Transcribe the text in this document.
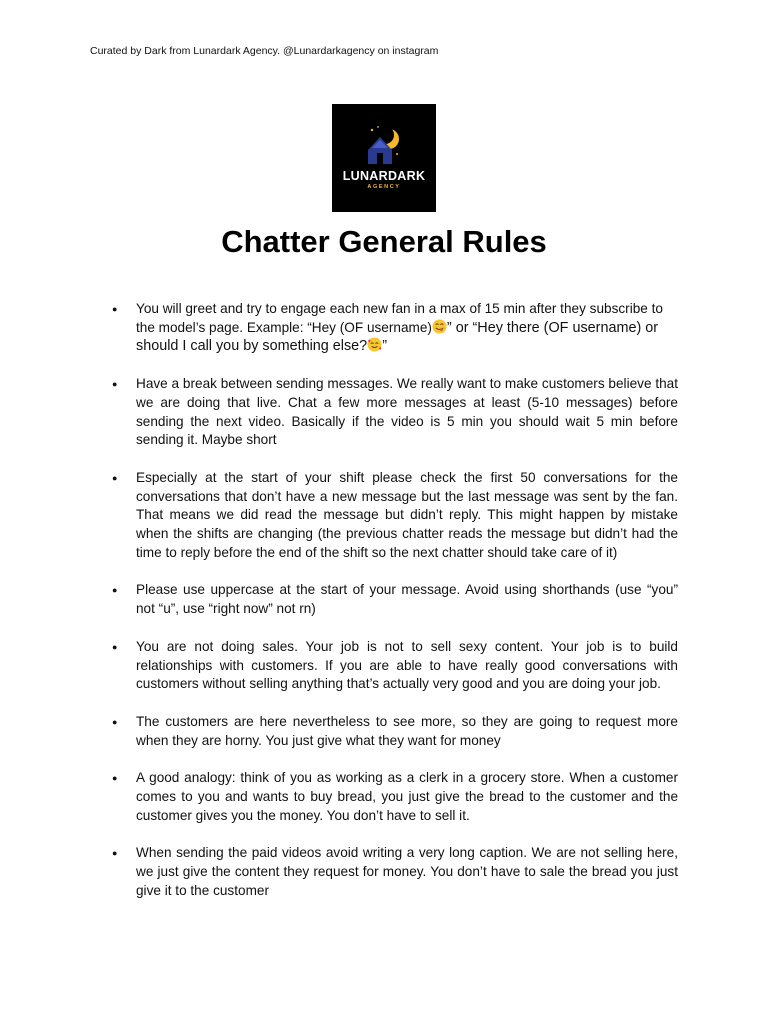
Curated by Dark from Lunardark Agency. @Lunardarkagency on instagram
LUNARDARK
AGENCY
Chatter General Rules
● You will greet and try to engage each new fan in a max of 15 min after they subscribe to
the model’s page. Example: “Hey (OF username) ” or “Hey there (OF username) or
should I call you by something else? ”
● Have a break between sending messages. We really want to make customers believe that we are doing that live. Chat a few more messages at least (5-10 messages) before sending the next video. Basically if the video is 5 min you should wait 5 min before sending it. Maybe short
● Especially at the start of your shift please check the first 50 conversations for the conversations that don’t have a new message but the last message was sent by the fan. That means we did read the message but didn’t reply. This might happen by mistake when the shifts are changing (the previous chatter reads the message but didn’t had the time to reply before the end of the shift so the next chatter should take care of it)
● Please use uppercase at the start of your message. Avoid using shorthands (use “you” not “u”, use “right now” not rn)
● You are not doing sales. Your job is not to sell sexy content. Your job is to build relationships with customers. If you are able to have really good conversations with customers without selling anything that’s actually very good and you are doing your job.
● The customers are here nevertheless to see more, so they are going to request more when they are horny. You just give what they want for money
● A good analogy: think of you as working as a clerk in a grocery store. When a customer comes to you and wants to buy bread, you just give the bread to the customer and the customer gives you the money. You don’t have to sell it.
● When sending the paid videos avoid writing a very long caption. We are not selling here, we just give the content they request for money. You don’t have to sale the bread you just give it to the customer
